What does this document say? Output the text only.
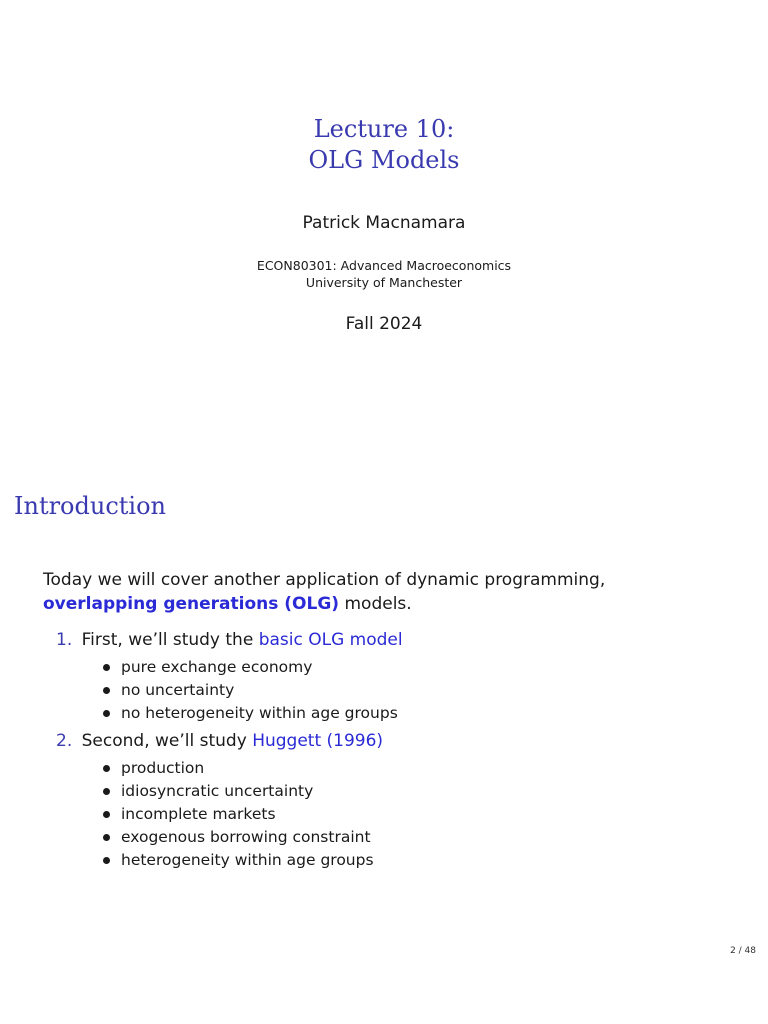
Lecture 10:
OLG Models
Patrick Macnamara
ECON80301: Advanced Macroeconomics
University of Manchester
Fall 2024
Introduction
Today we will cover another application of dynamic programming,
overlapping generations (OLG) models.
1. First, we’ll study the basic OLG model
pure exchange economy
no uncertainty
no heterogeneity within age groups
2. Second, we’ll study Huggett (1996)
production
idiosyncratic uncertainty
incomplete markets
exogenous borrowing constraint
heterogeneity within age groups
2 / 48
